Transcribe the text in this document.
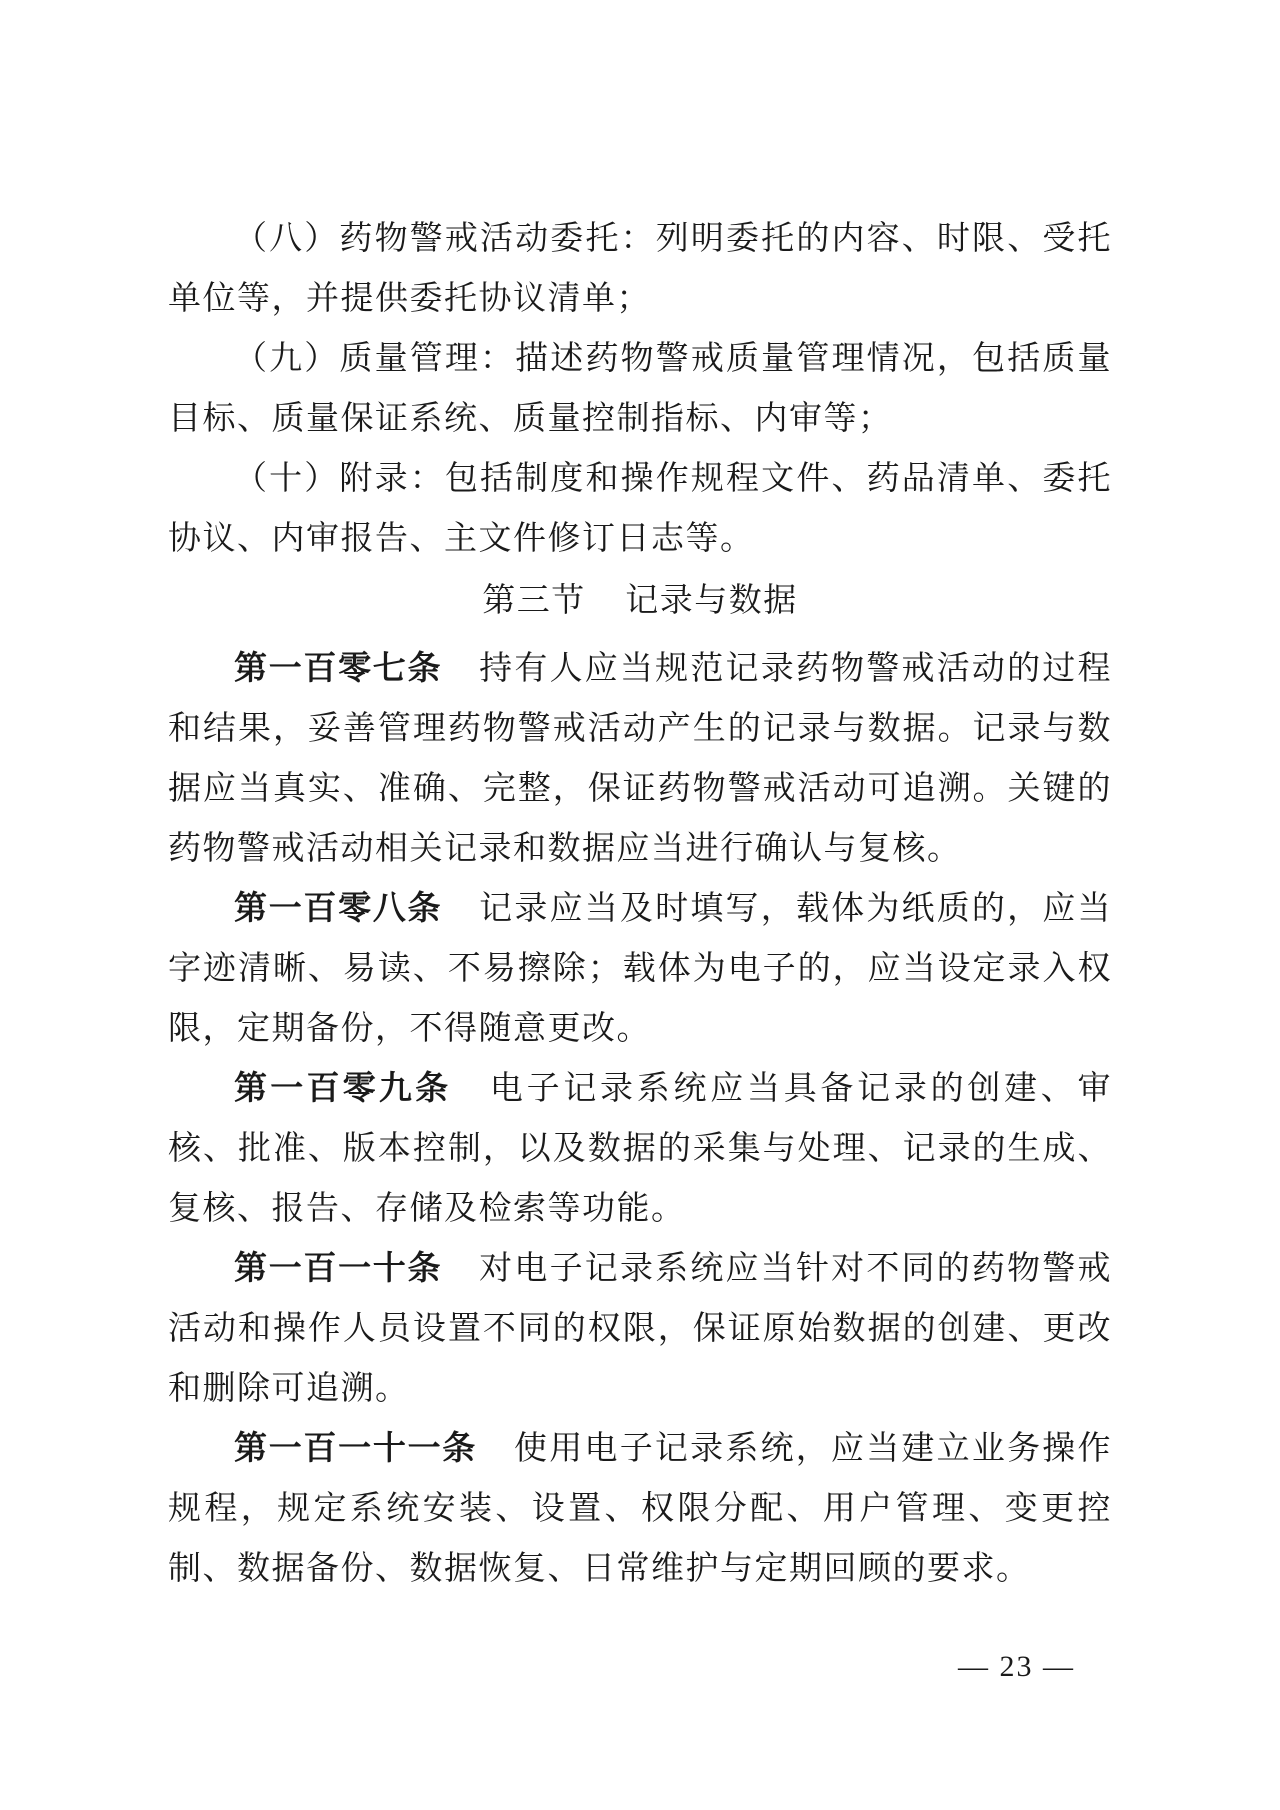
（八）药物警戒活动委托：列明委托的内容、时限、受托单位等，并提供委托协议清单；

（九）质量管理：描述药物警戒质量管理情况，包括质量目标、质量保证系统、质量控制指标、内审等；

（十）附录：包括制度和操作规程文件、药品清单、委托协议、内审报告、主文件修订日志等。

第三节 记录与数据

第一百零七条 持有人应当规范记录药物警戒活动的过程和结果，妥善管理药物警戒活动产生的记录与数据。记录与数据应当真实、准确、完整，保证药物警戒活动可追溯。关键的药物警戒活动相关记录和数据应当进行确认与复核。

第一百零八条 记录应当及时填写，载体为纸质的，应当字迹清晰、易读、不易擦除；载体为电子的，应当设定录入权限，定期备份，不得随意更改。

第一百零九条 电子记录系统应当具备记录的创建、审核、批准、版本控制，以及数据的采集与处理、记录的生成、复核、报告、存储及检索等功能。

第一百一十条 对电子记录系统应当针对不同的药物警戒活动和操作人员设置不同的权限，保证原始数据的创建、更改和删除可追溯。

第一百一十一条 使用电子记录系统，应当建立业务操作规程，规定系统安装、设置、权限分配、用户管理、变更控制、数据备份、数据恢复、日常维护与定期回顾的要求。

— 23 —
